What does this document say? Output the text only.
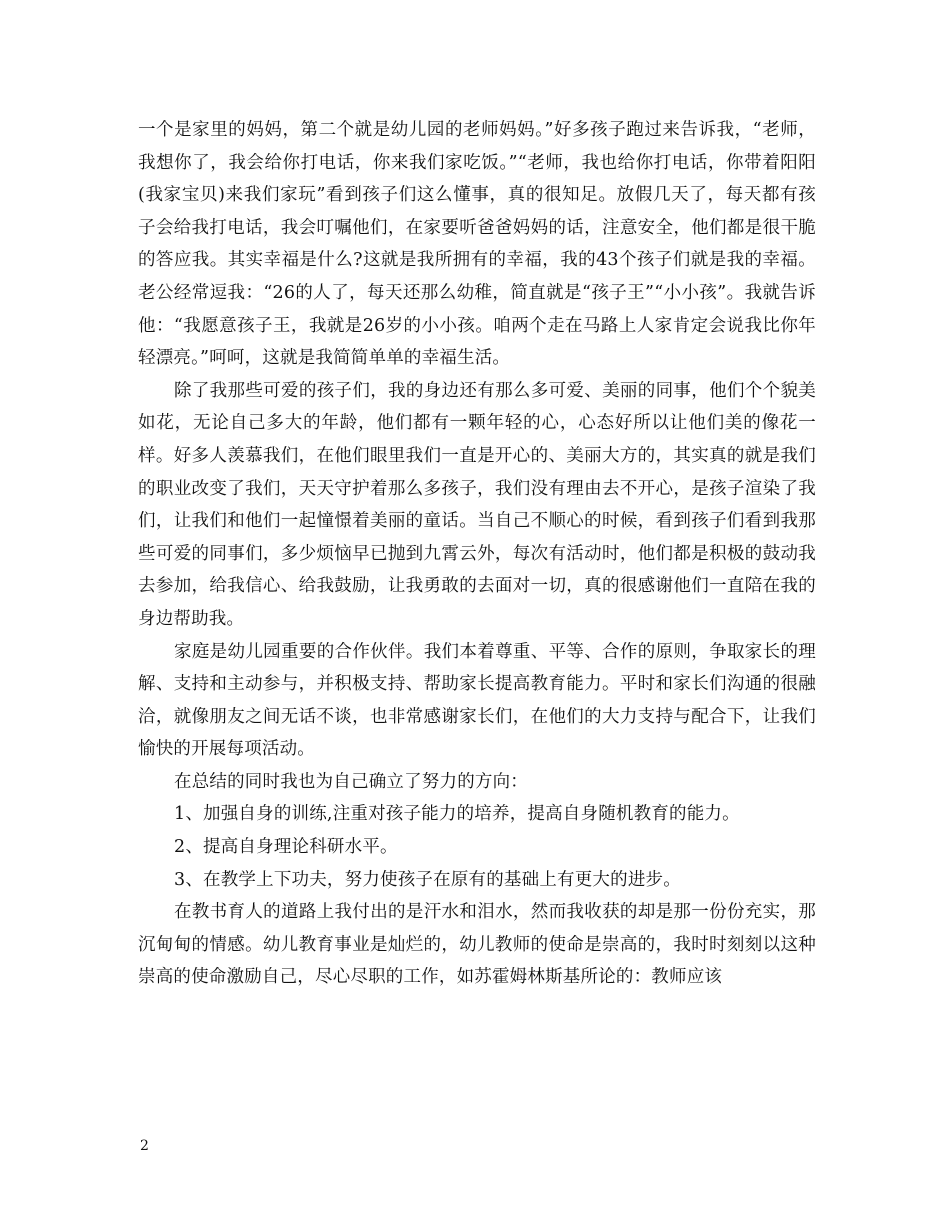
一个是家里的妈妈，第二个就是幼儿园的老师妈妈。”好多孩子跑过来告诉我，“老师，我想你了，我会给你打电话，你来我们家吃饭。”“老师，我也给你打电话，你带着阳阳(我家宝贝)来我们家玩”看到孩子们这么懂事，真的很知足。放假几天了，每天都有孩子会给我打电话，我会叮嘱他们，在家要听爸爸妈妈的话，注意安全，他们都是很干脆的答应我。其实幸福是什么?这就是我所拥有的幸福，我的43个孩子们就是我的幸福。老公经常逗我：“26的人了，每天还那么幼稚，简直就是“孩子王”“小小孩”。我就告诉他：“我愿意孩子王，我就是26岁的小小孩。咱两个走在马路上人家肯定会说我比你年轻漂亮。”呵呵，这就是我简简单单的幸福生活。

除了我那些可爱的孩子们，我的身边还有那么多可爱、美丽的同事，他们个个貌美如花，无论自己多大的年龄，他们都有一颗年轻的心，心态好所以让他们美的像花一样。好多人羡慕我们，在他们眼里我们一直是开心的、美丽大方的，其实真的就是我们的职业改变了我们，天天守护着那么多孩子，我们没有理由去不开心，是孩子渲染了我们，让我们和他们一起憧憬着美丽的童话。当自己不顺心的时候，看到孩子们看到我那些可爱的同事们，多少烦恼早已抛到九霄云外，每次有活动时，他们都是积极的鼓动我去参加，给我信心、给我鼓励，让我勇敢的去面对一切，真的很感谢他们一直陪在我的身边帮助我。

家庭是幼儿园重要的合作伙伴。我们本着尊重、平等、合作的原则，争取家长的理解、支持和主动参与，并积极支持、帮助家长提高教育能力。平时和家长们沟通的很融洽，就像朋友之间无话不谈，也非常感谢家长们，在他们的大力支持与配合下，让我们愉快的开展每项活动。

在总结的同时我也为自己确立了努力的方向：

1、加强自身的训练,注重对孩子能力的培养，提高自身随机教育的能力。

2、提高自身理论科研水平。

3、在教学上下功夫，努力使孩子在原有的基础上有更大的进步。

在教书育人的道路上我付出的是汗水和泪水，然而我收获的却是那一份份充实，那沉甸甸的情感。幼儿教育事业是灿烂的，幼儿教师的使命是崇高的，我时时刻刻以这种崇高的使命激励自己，尽心尽职的工作，如苏霍姆林斯基所论的：教师应该

2
